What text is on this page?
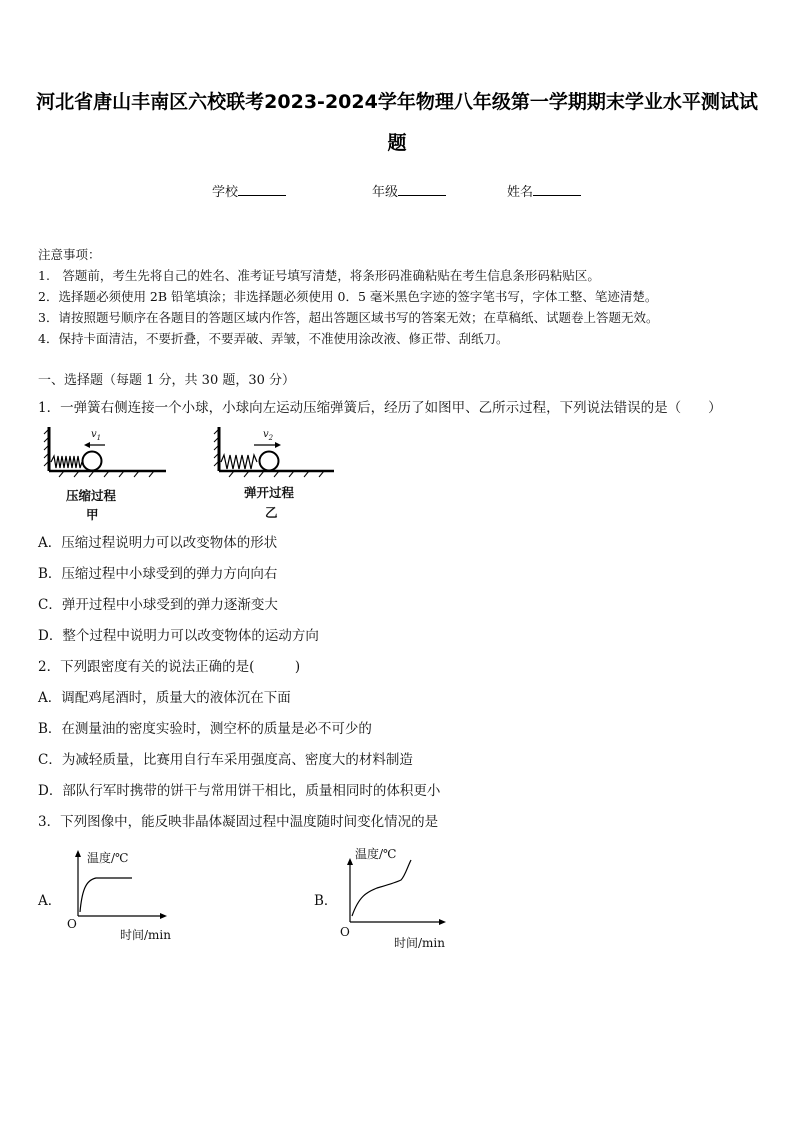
河北省唐山丰南区六校联考2023-2024学年物理八年级第一学期期末学业水平测试试
题
学校	年级	姓名
注意事项：
1.　答题前，考生先将自己的姓名、准考证号填写清楚，将条形码准确粘贴在考生信息条形码粘贴区。
2．选择题必须使用 2B 铅笔填涂；非选择题必须使用 0．5 毫米黑色字迹的签字笔书写，字体工整、笔迹清楚。
3．请按照题号顺序在各题目的答题区域内作答，超出答题区域书写的答案无效；在草稿纸、试题卷上答题无效。
4．保持卡面清洁，不要折叠，不要弄破、弄皱，不准使用涂改液、修正带、刮纸刀。
一、选择题（每题 1 分，共 30 题，30 分）
1．一弹簧右侧连接一个小球，小球向左运动压缩弹簧后，经历了如图甲、乙所示过程，下列说法错误的是（　　）
$v_1$
压缩过程
甲
$v_2$
弹开过程
乙
A．压缩过程说明力可以改变物体的形状
B．压缩过程中小球受到的弹力方向向右
C．弹开过程中小球受到的弹力逐渐变大
D．整个过程中说明力可以改变物体的运动方向
2．下列跟密度有关的说法正确的是(　　　)
A．调配鸡尾酒时，质量大的液体沉在下面
B．在测量油的密度实验时，测空杯的质量是必不可少的
C．为减轻质量，比赛用自行车采用强度高、密度大的材料制造
D．部队行军时携带的饼干与常用饼干相比，质量相同时的体积更小
3．下列图像中，能反映非晶体凝固过程中温度随时间变化情况的是
A．
温度/℃
O
时间/min
B．
温度/℃
O
时间/min
